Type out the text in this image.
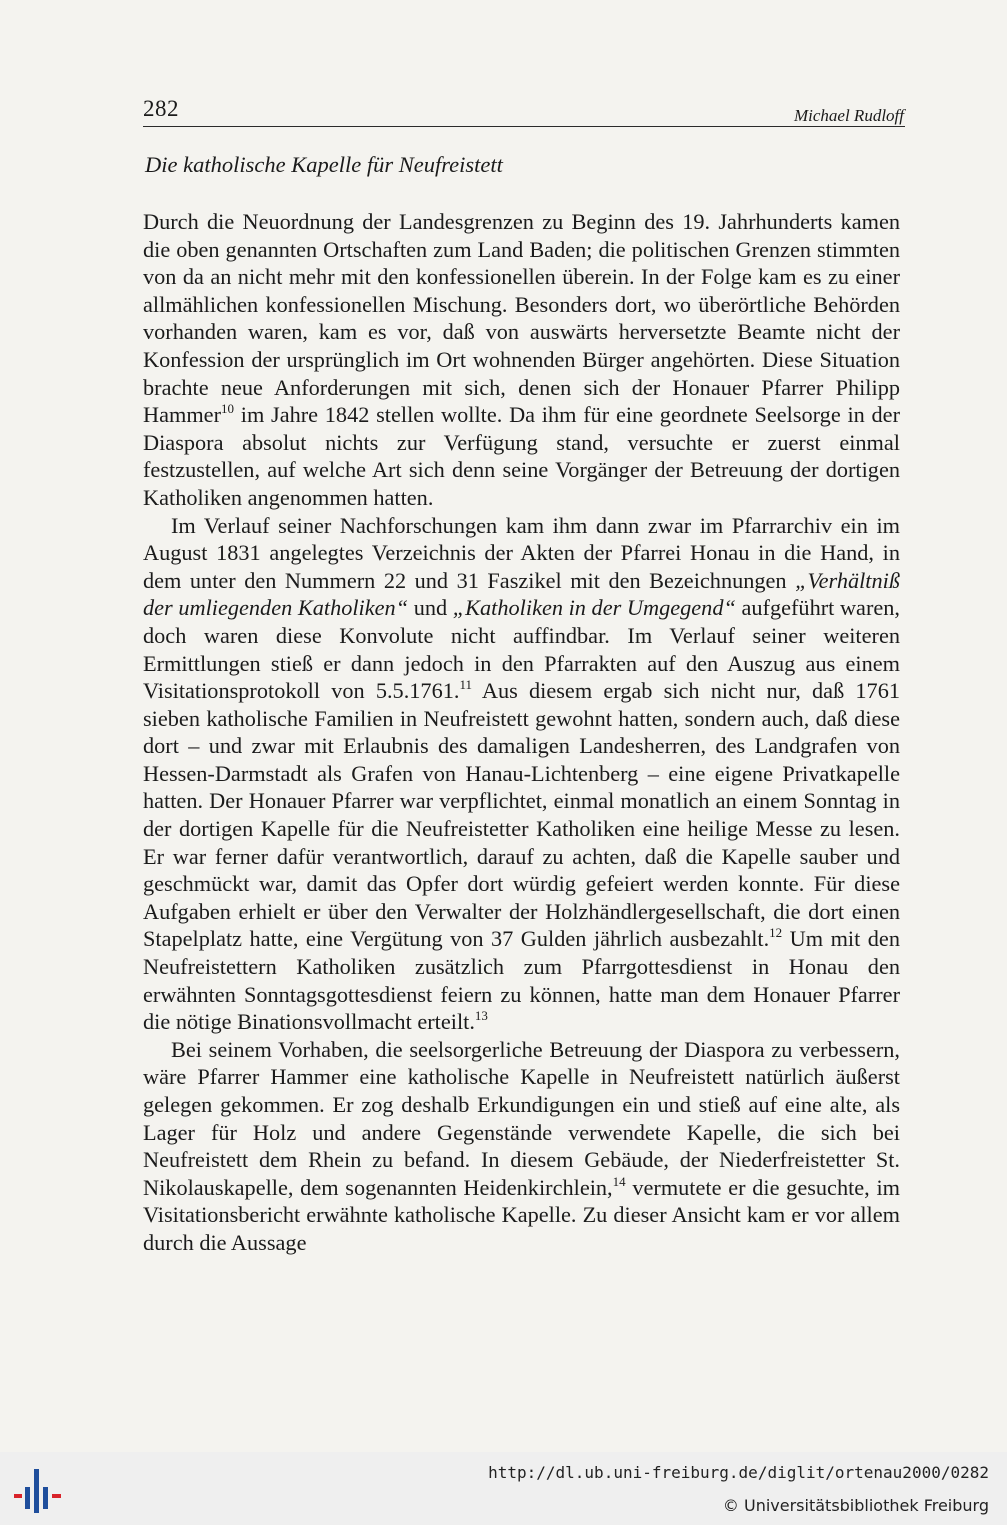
282	Michael Rudloff
Die katholische Kapelle für Neufreistett

Durch die Neuordnung der Landesgrenzen zu Beginn des 19. Jahrhunderts kamen die oben genannten Ortschaften zum Land Baden; die politischen Grenzen stimmten von da an nicht mehr mit den konfessionellen überein. In der Folge kam es zu einer allmählichen konfessionellen Mischung. Besonders dort, wo überörtliche Behörden vorhanden waren, kam es vor, daß von auswärts herversetzte Beamte nicht der Konfession der ursprünglich im Ort wohnenden Bürger angehörten. Diese Situation brachte neue Anforderungen mit sich, denen sich der Honauer Pfarrer Philipp Hammer$^{10}$ im Jahre 1842 stellen wollte. Da ihm für eine geordnete Seelsorge in der Diaspora absolut nichts zur Verfügung stand, versuchte er zuerst einmal festzustellen, auf welche Art sich denn seine Vorgänger der Betreuung der dortigen Katholiken angenommen hatten.

Im Verlauf seiner Nachforschungen kam ihm dann zwar im Pfarrarchiv ein im August 1831 angelegtes Verzeichnis der Akten der Pfarrei Honau in die Hand, in dem unter den Nummern 22 und 31 Faszikel mit den Bezeichnungen „Verhältniß der umliegenden Katholiken“ und „Katholiken in der Umgegend“ aufgeführt waren, doch waren diese Konvolute nicht auffindbar. Im Verlauf seiner weiteren Ermittlungen stieß er dann jedoch in den Pfarrakten auf den Auszug aus einem Visitationsprotokoll von 5.5.1761.11 Aus diesem ergab sich nicht nur, daß 1761 sieben katholische Familien in Neufreistett gewohnt hatten, sondern auch, daß diese dort – und zwar mit Erlaubnis des damaligen Landesherren, des Landgrafen von Hessen-Darmstadt als Grafen von Hanau-Lichtenberg – eine eigene Privatkapelle hatten. Der Honauer Pfarrer war verpflichtet, einmal monatlich an einem Sonntag in der dortigen Kapelle für die Neufreistetter Katholiken eine heilige Messe zu lesen. Er war ferner dafür verantwortlich, darauf zu achten, daß die Kapelle sauber und geschmückt war, damit das Opfer dort würdig gefeiert werden konnte. Für diese Aufgaben erhielt er über den Verwalter der Holzhändlergesellschaft, die dort einen Stapelplatz hatte, eine Vergütung von 37 Gulden jährlich ausbezahlt.$^{12}$ Um mit den Neufreistettern Katholiken zusätzlich zum Pfarrgottesdienst in Honau den erwähnten Sonntagsgottesdienst feiern zu können, hatte man dem Honauer Pfarrer die nötige Binationsvollmacht erteilt.$^{13}$

Bei seinem Vorhaben, die seelsorgerliche Betreuung der Diaspora zu verbessern, wäre Pfarrer Hammer eine katholische Kapelle in Neufreistett natürlich äußerst gelegen gekommen. Er zog deshalb Erkundigungen ein und stieß auf eine alte, als Lager für Holz und andere Gegenstände verwendete Kapelle, die sich bei Neufreistett dem Rhein zu befand. In diesem Gebäude, der Niederfreistetter St. Nikolauskapelle, dem sogenannten Heidenkirchlein,$^{14}$ vermutete er die gesuchte, im Visitationsbericht erwähnte katholische Kapelle. Zu dieser Ansicht kam er vor allem durch die Aussage

http://dl.ub.uni-freiburg.de/diglit/ortenau2000/0282
© Universitätsbibliothek Freiburg
